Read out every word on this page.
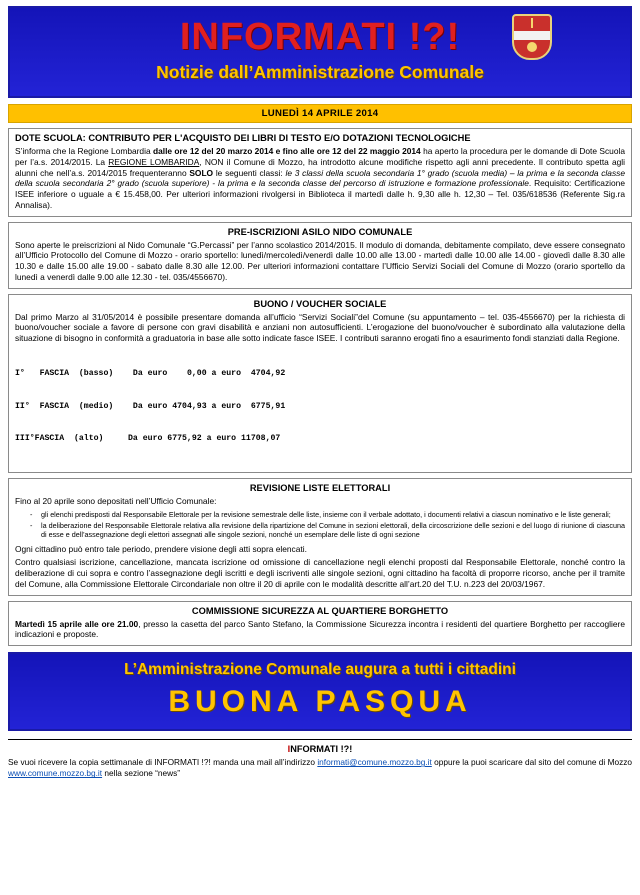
INFORMATI !?!
Notizie dall’Amministrazione Comunale
LUNEDÌ 14 APRILE 2014
DOTE SCUOLA: CONTRIBUTO PER L'ACQUISTO DEI LIBRI DI TESTO E/O DOTAZIONI TECNOLOGICHE

S’informa che la Regione Lombardia dalle ore 12 del 20 marzo 2014 e fino alle ore 12 del 22 maggio 2014 ha aperto la procedura per le domande di Dote Scuola per l’a.s. 2014/2015. La REGIONE LOMBARIDA, NON il Comune di Mozzo, ha introdotto alcune modifiche rispetto agli anni precedente. Il contributo spetta agli alunni che nell’a.s. 2014/2015 frequenteranno SOLO le seguenti classi: le 3 classi della scuola secondaria 1° grado (scuola media) – la prima e la seconda classe della scuola secondaria 2° grado (scuola superiore) - la prima e la seconda classe del percorso di istruzione e formazione professionale. Requisito: Certificazione ISEE inferiore o uguale a € 15.458,00. Per ulteriori informazioni rivolgersi in Biblioteca il martedì dalle h. 9,30 alle h. 12,30 – Tel. 035/618536 (Referente Sig.ra Annalisa).

PRE-ISCRIZIONI ASILO NIDO COMUNALE

Sono aperte le preiscrizioni al Nido Comunale “G.Percassi” per l’anno scolastico 2014/2015. Il modulo di domanda, debitamente compilato, deve essere consegnato all’Ufficio Protocollo del Comune di Mozzo - orario sportello: lunedì/mercoledì/venerdì dalle 10.00 alle 13.00 - martedì dalle 10.00 alle 14.00 - giovedì dalle 8.30 alle 10.30 e dalle 15.00 alle 19.00 - sabato dalle 8.30 alle 12.00. Per ulteriori informazioni contattare l’Ufficio Servizi Sociali del Comune di Mozzo (orario sportello da lunedì a venerdì dalle 9.00 alle 12.30 - tel. 035/4556670).

BUONO / VOUCHER SOCIALE

Dal primo Marzo al 31/05/2014 è possibile presentare domanda all’ufficio “Servizi Sociali”del Comune (su appuntamento – tel. 035-4556670) per la richiesta di buono/voucher sociale a favore di persone con gravi disabilità e anziani non autosufficienti. L’erogazione del buono/voucher è subordinato alla valutazione della situazione di bisogno in conformità a graduatoria in base alle sotto indicate fasce ISEE. I contributi saranno erogati fino a esaurimento fondi stanziati dalla Regione.

I°   FASCIA  (basso)    Da euro    0,00 a euro  4704,92

II°  FASCIA  (medio)    Da euro 4704,93 a euro  6775,91

III°FASCIA  (alto)     Da euro 6775,92 a euro 11708,07

REVISIONE LISTE ELETTORALI

Fino al 20 aprile sono depositati nell’Ufficio Comunale:

- gli elenchi predisposti dal Responsabile Elettorale per la revisione semestrale delle liste, insieme con il verbale adottato, i documenti relativi a ciascun nominativo e le liste generali;
- la deliberazione del Responsabile Elettorale relativa alla revisione della ripartizione del Comune in sezioni elettorali, della circoscrizione delle sezioni e del luogo di riunione di ciascuna di esse e dell’assegnazione degli elettori assegnati alle singole sezioni, nonché un esemplare delle liste di ogni sezione

Ogni cittadino può entro tale periodo, prendere visione degli atti sopra elencati.

Contro qualsiasi iscrizione, cancellazione, mancata iscrizione od omissione di cancellazione negli elenchi proposti dal Responsabile Elettorale, nonché contro la deliberazione di cui sopra e contro l’assegnazione degli iscritti e degli iscriventi alle singole sezioni, ogni cittadino ha facoltà di proporre ricorso, anche per il tramite del Comune, alla Commissione Elettorale Circondariale non oltre il 20 di aprile con le modalità descritte all’art.20 del T.U. n.223 del 20/03/1967.

COMMISSIONE SICUREZZA AL QUARTIERE BORGHETTO

Martedì 15 aprile alle ore 21.00, presso la casetta del parco Santo Stefano, la Commissione Sicurezza incontra i residenti del quartiere Borghetto per raccogliere indicazioni e proposte.

L’Amministrazione Comunale augura a tutti i cittadini
BUONA PASQUA
INFORMATI !?!

Se vuoi ricevere la copia settimanale di INFORMATI !?! manda una mail all’indirizzo informati@comune.mozzo.bg.it oppure la puoi scaricare dal sito del comune di Mozzo www.comune.mozzo.bg.it nella sezione “news”
